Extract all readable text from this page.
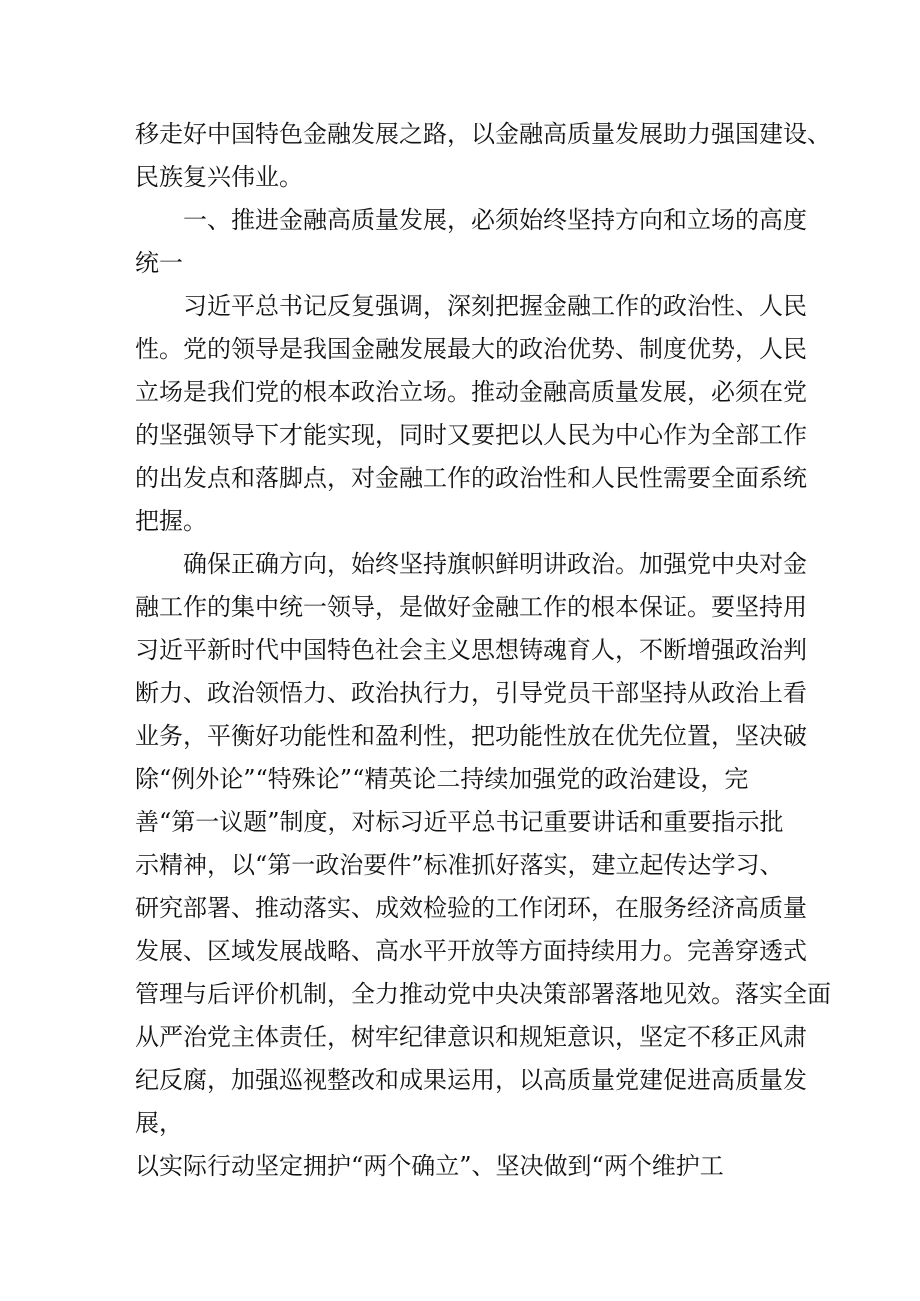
移走好中国特色金融发展之路，以金融高质量发展助力强国建设、
民族复兴伟业。
一、推进金融高质量发展，必须始终坚持方向和立场的高度
统一
习近平总书记反复强调，深刻把握金融工作的政治性、人民
性。党的领导是我国金融发展最大的政治优势、制度优势，人民
立场是我们党的根本政治立场。推动金融高质量发展，必须在党
的坚强领导下才能实现，同时又要把以人民为中心作为全部工作
的出发点和落脚点，对金融工作的政治性和人民性需要全面系统
把握。
确保正确方向，始终坚持旗帜鲜明讲政治。加强党中央对金
融工作的集中统一领导，是做好金融工作的根本保证。要坚持用
习近平新时代中国特色社会主义思想铸魂育人，不断增强政治判
断力、政治领悟力、政治执行力，引导党员干部坚持从政治上看
业务，平衡好功能性和盈利性，把功能性放在优先位置，坚决破
除“例外论”“特殊论”“精英论二持续加强党的政治建设，完
善“第一议题”制度，对标习近平总书记重要讲话和重要指示批
示精神，以“第一政治要件”标准抓好落实，建立起传达学习、
研究部署、推动落实、成效检验的工作闭环，在服务经济高质量
发展、区域发展战略、高水平开放等方面持续用力。完善穿透式
管理与后评价机制，全力推动党中央决策部署落地见效。落实全面
从严治党主体责任，树牢纪律意识和规矩意识，坚定不移正风肃
纪反腐，加强巡视整改和成果运用，以高质量党建促进高质量发
展，
以实际行动坚定拥护“两个确立”、坚决做到“两个维护工
